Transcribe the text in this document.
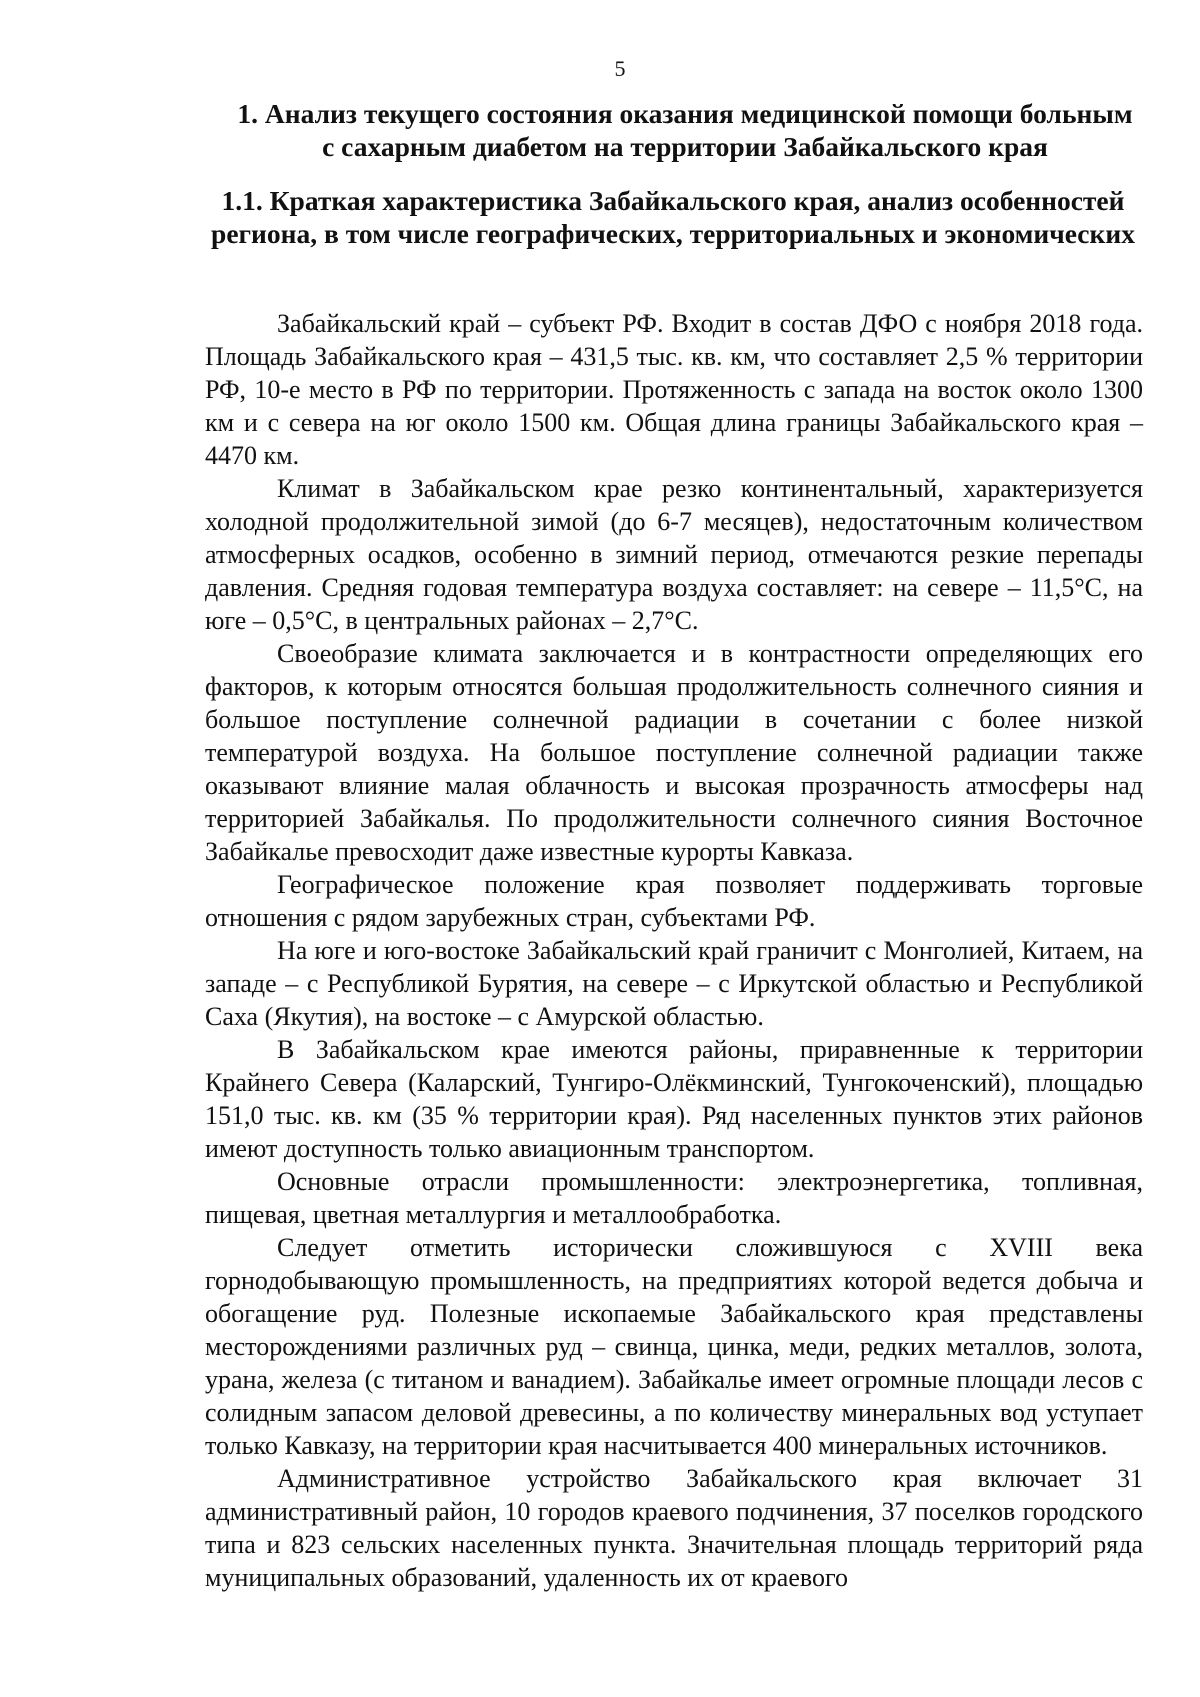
5
1. Анализ текущего состояния оказания медицинской помощи больным с сахарным диабетом на территории Забайкальского края
1.1. Краткая характеристика Забайкальского края, анализ особенностей региона, в том числе географических, территориальных и экономических

Забайкальский край – субъект РФ. Входит в состав ДФО с ноября 2018 года. Площадь Забайкальского края – 431,5 тыс. кв. км, что составляет 2,5 % территории РФ, 10-е место в РФ по территории. Протяженность с запада на восток около 1300 км и с севера на юг около 1500 км. Общая длина границы Забайкальского края – 4470 км.

Климат в Забайкальском крае резко континентальный, характеризуется холодной продолжительной зимой (до 6-7 месяцев), недостаточным количеством атмосферных осадков, особенно в зимний период, отмечаются резкие перепады давления. Средняя годовая температура воздуха составляет: на севере – 11,5°С, на юге – 0,5°С, в центральных районах – 2,7°С.

Своеобразие климата заключается и в контрастности определяющих его факторов, к которым относятся большая продолжительность солнечного сияния и большое поступление солнечной радиации в сочетании с более низкой температурой воздуха. На большое поступление солнечной радиации также оказывают влияние малая облачность и высокая прозрачность атмосферы над территорией Забайкалья. По продолжительности солнечного сияния Восточное Забайкалье превосходит даже известные курорты Кавказа.

Географическое положение края позволяет поддерживать торговые отношения с рядом зарубежных стран, субъектами РФ.

На юге и юго-востоке Забайкальский край граничит с Монголией, Китаем, на западе – с Республикой Бурятия, на севере – с Иркутской областью и Республикой Саха (Якутия), на востоке – с Амурской областью.

В Забайкальском крае имеются районы, приравненные к территории Крайнего Севера (Каларский, Тунгиро-Олёкминский, Тунгокоченский), площадью 151,0 тыс. кв. км (35 % территории края). Ряд населенных пунктов этих районов имеют доступность только авиационным транспортом.

Основные отрасли промышленности: электроэнергетика, топливная, пищевая, цветная металлургия и металлообработка.

Следует отметить исторически сложившуюся с XVIII века горнодобывающую промышленность, на предприятиях которой ведется добыча и обогащение руд. Полезные ископаемые Забайкальского края представлены месторождениями различных руд – свинца, цинка, меди, редких металлов, золота, урана, железа (с титаном и ванадием). Забайкалье имеет огромные площади лесов с солидным запасом деловой древесины, а по количеству минеральных вод уступает только Кавказу, на территории края насчитывается 400 минеральных источников.

Административное устройство Забайкальского края включает 31 административный район, 10 городов краевого подчинения, 37 поселков городского типа и 823 сельских населенных пункта. Значительная площадь территорий ряда муниципальных образований, удаленность их от краевого
